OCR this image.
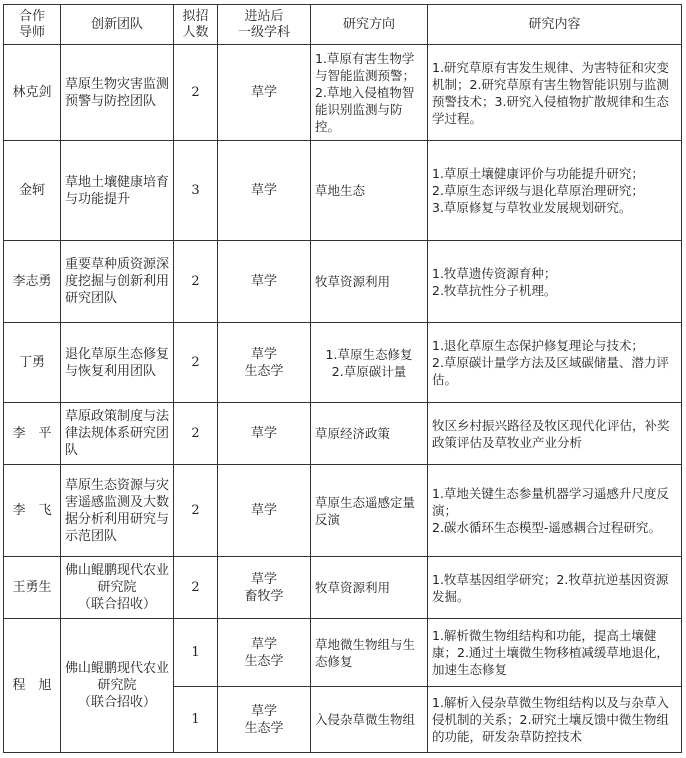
合作
导师	创新团队	拟招
人数	进站后
一级学科	研究方向	研究内容
林克剑	草原生物灾害监测预警与防控团队	2	草学	1.草原有害生物学与智能监测预警；2.草地入侵植物智能识别监测与防控。	1.研究草原有害发生规律、为害特征和灾变机制；2.研究草原有害生物智能识别与监测预警技术；3.研究入侵植物扩散规律和生态学过程。
金轲	草地土壤健康培育与功能提升	3	草学	草地生态	1.草原土壤健康评价与功能提升研究；
2.草原生态评级与退化草原治理研究；
3.草原修复与草牧业发展规划研究。
李志勇	重要草种质资源深度挖掘与创新利用研究团队	2	草学	牧草资源利用	1.牧草遗传资源育种；
2.牧草抗性分子机理。
丁勇	退化草原生态修复与恢复利用团队	2	草学
生态学	1.草原生态修复
2.草原碳计量	1.退化草原生态保护修复理论与技术；
2.草原碳计量学方法及区域碳储量、潜力评估。
李　平	草原政策制度与法律法规体系研究团队	2	草学	草原经济政策	牧区乡村振兴路径及牧区现代化评估，补奖政策评估及草牧业产业分析
李　飞	草原生态资源与灾害遥感监测及大数据分析利用研究与示范团队	2	草学	草原生态遥感定量反演	1.草地关键生态参量机器学习遥感升尺度反演；
2.碳水循环生态模型-遥感耦合过程研究。
王勇生	佛山鲲鹏现代农业研究院
（联合招收）	2	草学
畜牧学	牧草资源利用	1.牧草基因组学研究；2.牧草抗逆基因资源发掘。
程　旭	佛山鲲鹏现代农业研究院
（联合招收）	1	草学
生态学	草地微生物组与生态修复	1.解析微生物组结构和功能，提高土壤健康；2.通过土壤微生物移植减缓草地退化，加速生态修复
		1	草学
生态学	入侵杂草微生物组	1.解析入侵杂草微生物组结构以及与杂草入侵机制的关系；2.研究土壤反馈中微生物组的功能，研发杂草防控技术
